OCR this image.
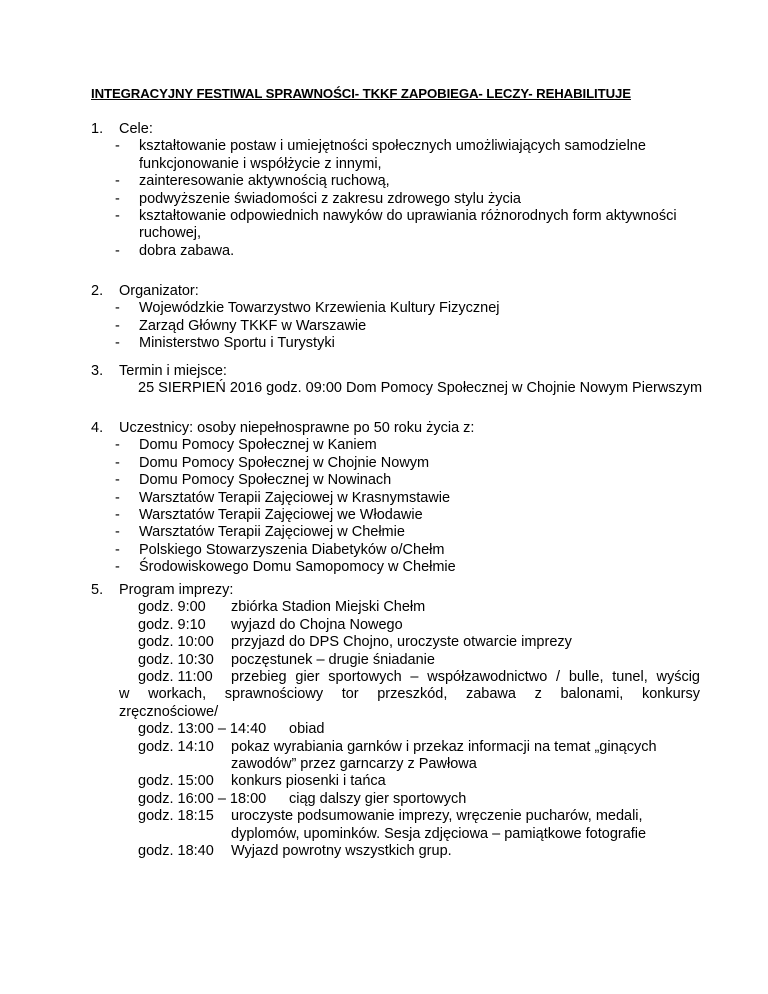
INTEGRACYJNY FESTIWAL SPRAWNOŚCI- TKKF ZAPOBIEGA- LECZY- REHABILITUJE
1.	Cele:
-	kształtowanie postaw i umiejętności społecznych umożliwiających samodzielne
funkcjonowanie i współżycie z innymi,
-	zainteresowanie aktywnością ruchową,
-	podwyższenie świadomości z zakresu zdrowego stylu życia
-	kształtowanie odpowiednich nawyków do uprawiania różnorodnych form aktywności
ruchowej,
-	dobra zabawa.
2.	Organizator:
-	Wojewódzkie Towarzystwo Krzewienia Kultury Fizycznej
-	Zarząd Główny TKKF w Warszawie
-	Ministerstwo Sportu i Turystyki
3.	Termin i miejsce:
25 SIERPIEŃ 2016 godz. 09:00 Dom Pomocy Społecznej w Chojnie Nowym Pierwszym
4.	Uczestnicy: osoby niepełnosprawne po 50 roku życia z:
-	Domu Pomocy Społecznej w Kaniem
-	Domu Pomocy Społecznej w Chojnie Nowym
-	Domu Pomocy Społecznej w Nowinach
-	Warsztatów Terapii Zajęciowej w Krasnymstawie
-	Warsztatów Terapii Zajęciowej we Włodawie
-	Warsztatów Terapii Zajęciowej w Chełmie
-	Polskiego Stowarzyszenia Diabetyków o/Chełm
-	Środowiskowego Domu Samopomocy w Chełmie
5.	Program imprezy:
godz. 9:00	zbiórka Stadion Miejski Chełm
godz. 9:10	wyjazd do Chojna Nowego
godz. 10:00	przyjazd do DPS Chojno, uroczyste otwarcie imprezy
godz. 10:30	poczęstunek – drugie śniadanie
godz. 11:00	przebieg gier sportowych – współzawodnictwo / bulle, tunel, wyścig
w workach, sprawnościowy tor przeszkód, zabawa z balonami, konkursy
zręcznościowe/
godz. 13:00 – 14:40	obiad
godz. 14:10	pokaz wyrabiania garnków i przekaz informacji na temat „ginących
zawodów” przez garncarzy z Pawłowa
godz. 15:00	konkurs piosenki i tańca
godz. 16:00 – 18:00	ciąg dalszy gier sportowych
godz. 18:15	uroczyste podsumowanie imprezy, wręczenie pucharów, medali,
dyplomów, upominków. Sesja zdjęciowa – pamiątkowe fotografie
godz. 18:40	Wyjazd powrotny wszystkich grup.
